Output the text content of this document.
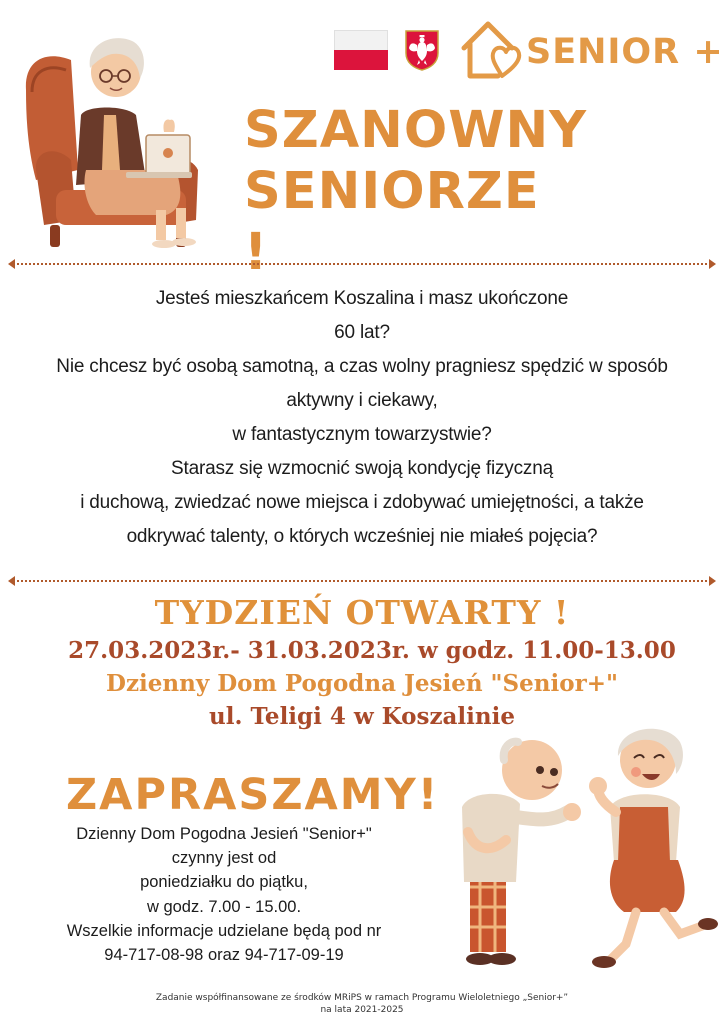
SENIOR +
SZANOWNY
SENIORZE !
Jesteś mieszkańcem Koszalina i masz ukończone
60 lat?
Nie chcesz być osobą samotną, a czas wolny pragniesz spędzić w sposób
aktywny i ciekawy,
w fantastycznym towarzystwie?
Starasz się wzmocnić swoją kondycję fizyczną
i duchową, zwiedzać nowe miejsca i zdobywać umiejętności, a także
odkrywać talenty, o których wcześniej nie miałeś pojęcia?
TYDZIEŃ OTWARTY !
27.03.2023r.- 31.03.2023r. w godz. 11.00-13.00
Dzienny Dom Pogodna Jesień "Senior+"
ul. Teligi 4 w Koszalinie
ZAPRASZAMY!
Dzienny Dom Pogodna Jesień "Senior+"
czynny jest od
poniedziałku do piątku,
w godz. 7.00 - 15.00.
Wszelkie informacje udzielane będą pod nr
94-717-08-98 oraz 94-717-09-19
Zadanie współfinansowane ze środków MRiPS w ramach Programu Wieloletniego „Senior+”
na lata 2021-2025
